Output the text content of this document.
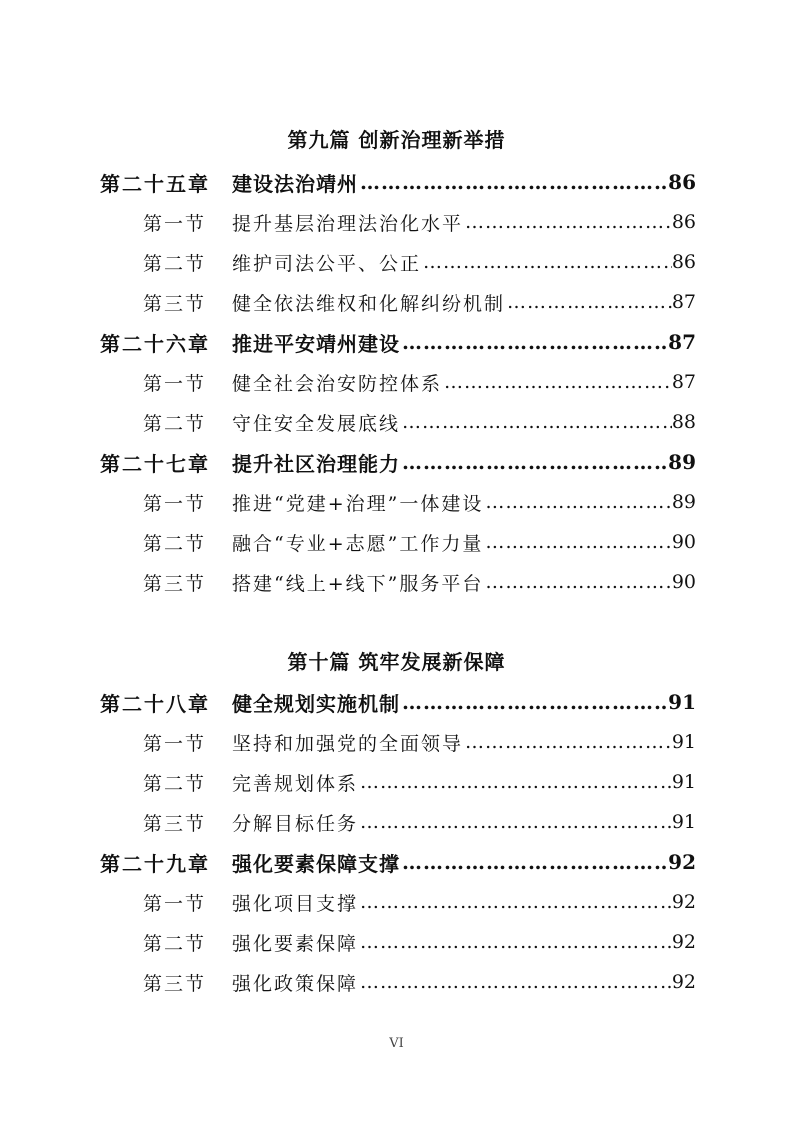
第九篇 创新治理新举措
第二十五章	建设法治靖州 ……………………………………………………………………………………………………………………………………………………………………	86
第一节	提升基层治理法治化水平 ……………………………………………………………………………………………………………………………………………………………………	86
第二节	维护司法公平、公正 ……………………………………………………………………………………………………………………………………………………………………	86
第三节	健全依法维权和化解纠纷机制 ……………………………………………………………………………………………………………………………………………………………………	87
第二十六章	推进平安靖州建设 ……………………………………………………………………………………………………………………………………………………………………	87
第一节	健全社会治安防控体系 ……………………………………………………………………………………………………………………………………………………………………	87
第二节	守住安全发展底线 ……………………………………………………………………………………………………………………………………………………………………	88
第二十七章	提升社区治理能力 ……………………………………………………………………………………………………………………………………………………………………	89
第一节	推进“党建+治理”一体建设 ……………………………………………………………………………………………………………………………………………………………………	89
第二节	融合“专业+志愿”工作力量 ……………………………………………………………………………………………………………………………………………………………………	90
第三节	搭建“线上+线下”服务平台 ……………………………………………………………………………………………………………………………………………………………………	90
第十篇 筑牢发展新保障
第二十八章	健全规划实施机制 ……………………………………………………………………………………………………………………………………………………………………	91
第一节	坚持和加强党的全面领导 ……………………………………………………………………………………………………………………………………………………………………	91
第二节	完善规划体系 ……………………………………………………………………………………………………………………………………………………………………	91
第三节	分解目标任务 ……………………………………………………………………………………………………………………………………………………………………	91
第二十九章	强化要素保障支撑 ……………………………………………………………………………………………………………………………………………………………………	92
第一节	强化项目支撑 ……………………………………………………………………………………………………………………………………………………………………	92
第二节	强化要素保障 ……………………………………………………………………………………………………………………………………………………………………	92
第三节	强化政策保障 ……………………………………………………………………………………………………………………………………………………………………	92
VI
